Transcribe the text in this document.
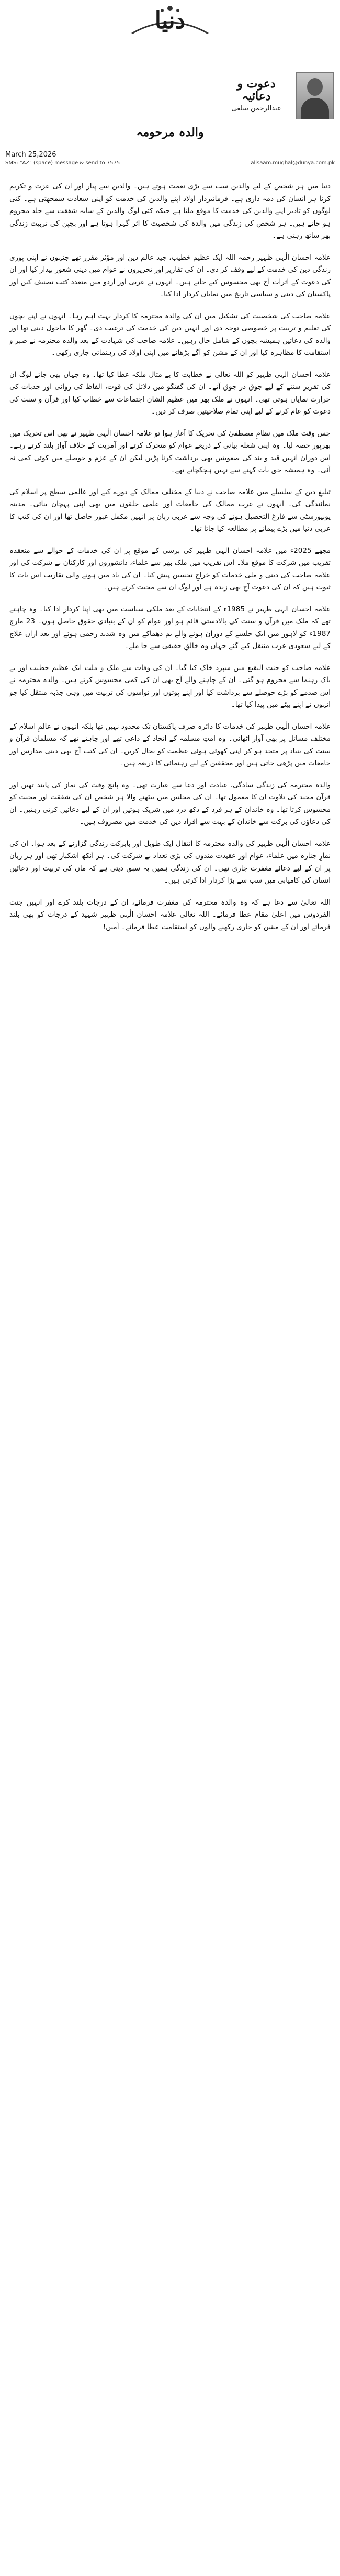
دنیا
دعوت و
دعائیہ
عبدالرحمن سلفی
والدہ مرحومہ
March 25,2026
SMS: "AZ" (space) message & send to 7575	alisaam.mughal@dunya.com.pk

دنیا میں ہر شخص کے لیے والدین سب سے بڑی نعمت ہوتے ہیں۔ والدین سے پیار اور ان کی عزت و تکریم کرنا ہر انسان کی ذمہ داری ہے۔ فرمانبردار اولاد اپنے والدین کی خدمت کو اپنی سعادت سمجھتی ہے۔ کئی لوگوں کو تادیر اپنے والدین کی خدمت کا موقع ملتا ہے جبکہ کئی لوگ والدین کے سایہ شفقت سے جلد محروم ہو جاتے ہیں۔ ہر شخص کی زندگی میں والدہ کی شخصیت کا اثر گہرا ہوتا ہے اور بچپن کی تربیت زندگی بھر ساتھ رہتی ہے۔

علامہ احسان الٰہی ظہیر رحمہ اللہ ایک عظیم خطیب، جید عالم دین اور مؤثر مقرر تھے جنہوں نے اپنی پوری زندگی دین کی خدمت کے لیے وقف کر دی۔ ان کی تقاریر اور تحریروں نے عوام میں دینی شعور بیدار کیا اور ان کی دعوت کے اثرات آج بھی محسوس کیے جاتے ہیں۔ انہوں نے عربی اور اردو میں متعدد کتب تصنیف کیں اور پاکستان کی دینی و سیاسی تاریخ میں نمایاں کردار ادا کیا۔

علامہ صاحب کی شخصیت کی تشکیل میں ان کی والدہ محترمہ کا کردار بہت اہم رہا۔ انہوں نے اپنے بچوں کی تعلیم و تربیت پر خصوصی توجہ دی اور انہیں دین کی خدمت کی ترغیب دی۔ گھر کا ماحول دینی تھا اور والدہ کی دعائیں ہمیشہ بچوں کے شامل حال رہیں۔ علامہ صاحب کی شہادت کے بعد والدہ محترمہ نے صبر و استقامت کا مظاہرہ کیا اور ان کے مشن کو آگے بڑھانے میں اپنی اولاد کی رہنمائی جاری رکھی۔

علامہ احسان الٰہی ظہیر کو اللہ تعالیٰ نے خطابت کا بے مثال ملکہ عطا کیا تھا۔ وہ جہاں بھی جاتے لوگ ان کی تقریر سننے کے لیے جوق در جوق آتے۔ ان کی گفتگو میں دلائل کی قوت، الفاظ کی روانی اور جذبات کی حرارت نمایاں ہوتی تھی۔ انہوں نے ملک بھر میں عظیم الشان اجتماعات سے خطاب کیا اور قرآن و سنت کی دعوت کو عام کرنے کے لیے اپنی تمام صلاحیتیں صرف کر دیں۔

جس وقت ملک میں نظامِ مصطفیٰ کی تحریک کا آغاز ہوا تو علامہ احسان الٰہی ظہیر نے بھی اس تحریک میں بھرپور حصہ لیا۔ وہ اپنی شعلہ بیانی کے ذریعے عوام کو متحرک کرتے اور آمریت کے خلاف آواز بلند کرتے رہے۔ اس دوران انہیں قید و بند کی صعوبتیں بھی برداشت کرنا پڑیں لیکن ان کے عزم و حوصلے میں کوئی کمی نہ آئی۔ وہ ہمیشہ حق بات کہنے سے نہیں ہچکچاتے تھے۔

تبلیغِ دین کے سلسلے میں علامہ صاحب نے دنیا کے مختلف ممالک کے دورے کیے اور عالمی سطح پر اسلام کی نمائندگی کی۔ انہوں نے عرب ممالک کی جامعات اور علمی حلقوں میں بھی اپنی پہچان بنائی۔ مدینہ یونیورسٹی سے فارغ التحصیل ہونے کی وجہ سے عربی زبان پر انہیں مکمل عبور حاصل تھا اور ان کی کتب کا عربی دنیا میں بڑے پیمانے پر مطالعہ کیا جاتا تھا۔

مجھے 2025ء میں علامہ احسان الٰہی ظہیر کی برسی کے موقع پر ان کی خدمات کے حوالے سے منعقدہ تقریب میں شرکت کا موقع ملا۔ اس تقریب میں ملک بھر سے علماء، دانشوروں اور کارکنان نے شرکت کی اور علامہ صاحب کی دینی و ملی خدمات کو خراجِ تحسین پیش کیا۔ ان کی یاد میں ہونے والی تقاریب اس بات کا ثبوت ہیں کہ ان کی دعوت آج بھی زندہ ہے اور لوگ ان سے محبت کرتے ہیں۔

علامہ احسان الٰہی ظہیر نے 1985ء کے انتخابات کے بعد ملکی سیاست میں بھی اپنا کردار ادا کیا۔ وہ چاہتے تھے کہ ملک میں قرآن و سنت کی بالادستی قائم ہو اور عوام کو ان کے بنیادی حقوق حاصل ہوں۔ 23 مارچ 1987ء کو لاہور میں ایک جلسے کے دوران ہونے والے بم دھماکے میں وہ شدید زخمی ہوئے اور بعد ازاں علاج کے لیے سعودی عرب منتقل کیے گئے جہاں وہ خالقِ حقیقی سے جا ملے۔

علامہ صاحب کو جنت البقیع میں سپرد خاک کیا گیا۔ ان کی وفات سے ملک و ملت ایک عظیم خطیب اور بے باک رہنما سے محروم ہو گئی۔ ان کے چاہنے والے آج بھی ان کی کمی محسوس کرتے ہیں۔ والدہ محترمہ نے اس صدمے کو بڑے حوصلے سے برداشت کیا اور اپنے پوتوں اور نواسوں کی تربیت میں وہی جذبہ منتقل کیا جو انہوں نے اپنے بیٹے میں پیدا کیا تھا۔

علامہ احسان الٰہی ظہیر کی خدمات کا دائرہ صرف پاکستان تک محدود نہیں تھا بلکہ انہوں نے عالمِ اسلام کے مختلف مسائل پر بھی آواز اٹھائی۔ وہ امتِ مسلمہ کے اتحاد کے داعی تھے اور چاہتے تھے کہ مسلمان قرآن و سنت کی بنیاد پر متحد ہو کر اپنی کھوئی ہوئی عظمت کو بحال کریں۔ ان کی کتب آج بھی دینی مدارس اور جامعات میں پڑھی جاتی ہیں اور محققین کے لیے رہنمائی کا ذریعہ ہیں۔

والدہ محترمہ کی زندگی سادگی، عبادت اور دعا سے عبارت تھی۔ وہ پانچ وقت کی نماز کی پابند تھیں اور قرآن مجید کی تلاوت ان کا معمول تھا۔ ان کی مجلس میں بیٹھنے والا ہر شخص ان کی شفقت اور محبت کو محسوس کرتا تھا۔ وہ خاندان کے ہر فرد کے دکھ درد میں شریک ہوتیں اور ان کے لیے دعائیں کرتی رہتیں۔ ان کی دعاؤں کی برکت سے خاندان کے بہت سے افراد دین کی خدمت میں مصروف ہیں۔

علامہ احسان الٰہی ظہیر کی والدہ محترمہ کا انتقال ایک طویل اور بابرکت زندگی گزارنے کے بعد ہوا۔ ان کی نمازِ جنازہ میں علماء، عوام اور عقیدت مندوں کی بڑی تعداد نے شرکت کی۔ ہر آنکھ اشکبار تھی اور ہر زبان پر ان کے لیے دعائے مغفرت جاری تھی۔ ان کی زندگی ہمیں یہ سبق دیتی ہے کہ ماں کی تربیت اور دعائیں انسان کی کامیابی میں سب سے بڑا کردار ادا کرتی ہیں۔

اللہ تعالیٰ سے دعا ہے کہ وہ والدہ محترمہ کی مغفرت فرمائے، ان کے درجات بلند کرے اور انہیں جنت الفردوس میں اعلیٰ مقام عطا فرمائے۔ اللہ تعالیٰ علامہ احسان الٰہی ظہیر شہید کے درجات کو بھی بلند فرمائے اور ان کے مشن کو جاری رکھنے والوں کو استقامت عطا فرمائے۔ آمین!
